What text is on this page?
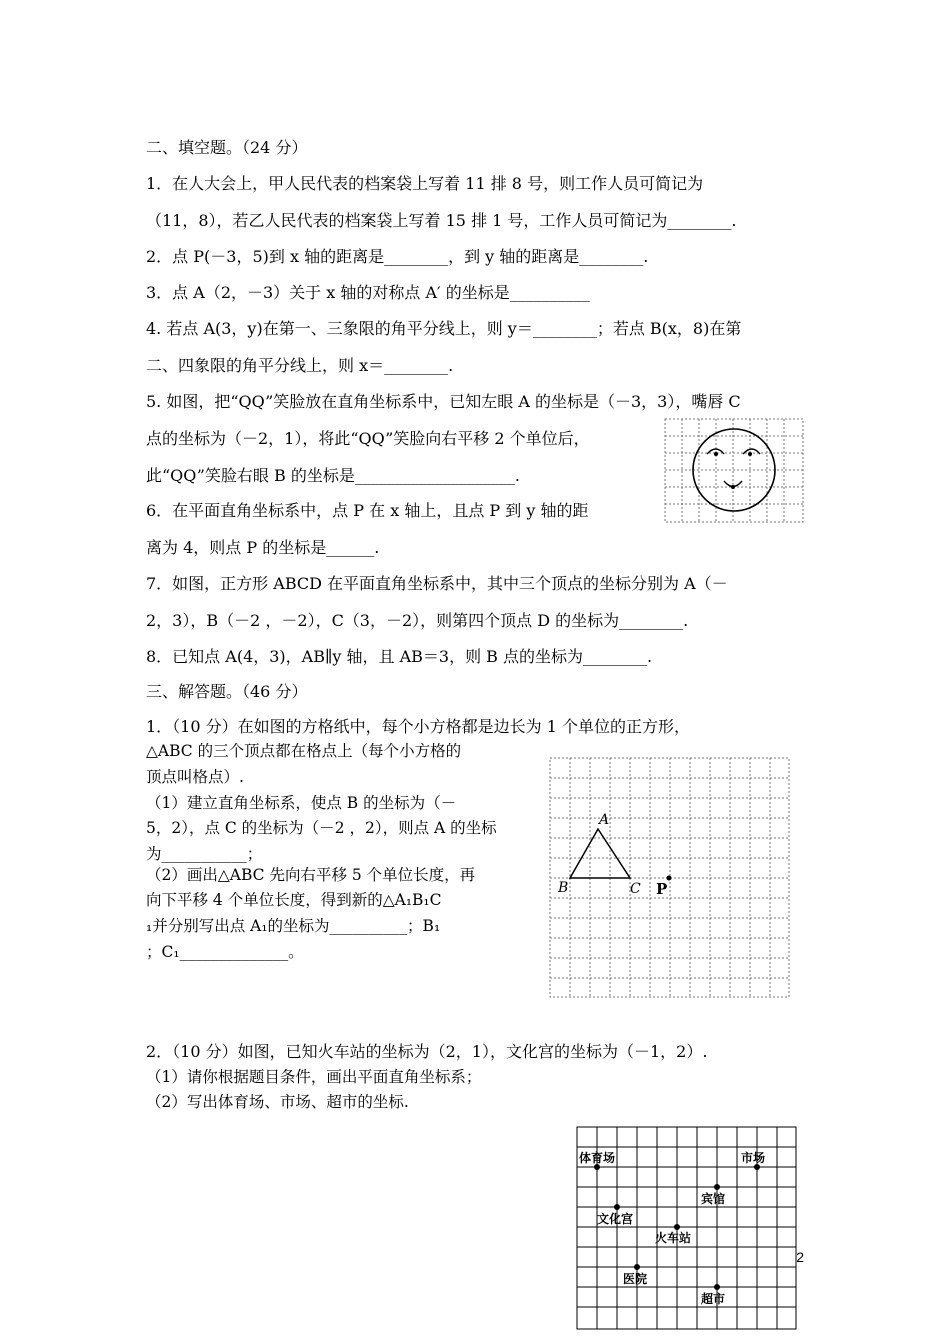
二、填空题。（24 分）
1．在人大会上，甲人民代表的档案袋上写着 11 排 8 号，则工作人员可简记为
（11，8），若乙人民代表的档案袋上写着 15 排 1 号，工作人员可简记为________.
2．点 P(－3，5)到 x 轴的距离是________，到 y 轴的距离是________.
3．点 A（2，－3）关于 x 轴的对称点 A′ 的坐标是__________
4. 若点 A(3，y)在第一、三象限的角平分线上，则 y＝________；若点 B(x，8)在第
二、四象限的角平分线上，则 x＝________.
5. 如图，把“QQ”笑脸放在直角坐标系中，已知左眼 A 的坐标是（－3，3），嘴唇 C
点的坐标为（－2，1），将此“QQ”笑脸向右平移 2 个单位后，
此“QQ”笑脸右眼 B 的坐标是____________________.
6．在平面直角坐标系中，点 P 在 x 轴上，且点 P 到 y 轴的距
离为 4，则点 P 的坐标是______.
7．如图，正方形 ABCD 在平面直角坐标系中，其中三个顶点的坐标分别为 A（－
2，3），B（－2 ，－2），C（3，－2），则第四个顶点 D 的坐标为________.
8．已知点 A(4，3)，AB∥y 轴，且 AB＝3，则 B 点的坐标为________.
三、解答题。（46 分）
1．（10 分）在如图的方格纸中，每个小方格都是边长为 1 个单位的正方形，
△ABC 的三个顶点都在格点上（每个小方格的
顶点叫格点）.
（1）建立直角坐标系，使点 B 的坐标为（－
5，2），点 C 的坐标为（－2 ，2），则点 A 的坐标
为___________；
（2）画出△ABC 先向右平移 5 个单位长度，再
向下平移 4 个单位长度，得到新的△A₁B₁C
₁并分别写出点 A₁的坐标为__________；B₁
；C₁______________。
A
B	C P
2．（10 分）如图，已知火车站的坐标为（2，1），文化宫的坐标为（－1，2）.
（1）请你根据题目条件，画出平面直角坐标系；
（2）写出体育场、市场、超市的坐标.
体育场	市场
宾馆
文化宫
火车站
医院
超市
2
